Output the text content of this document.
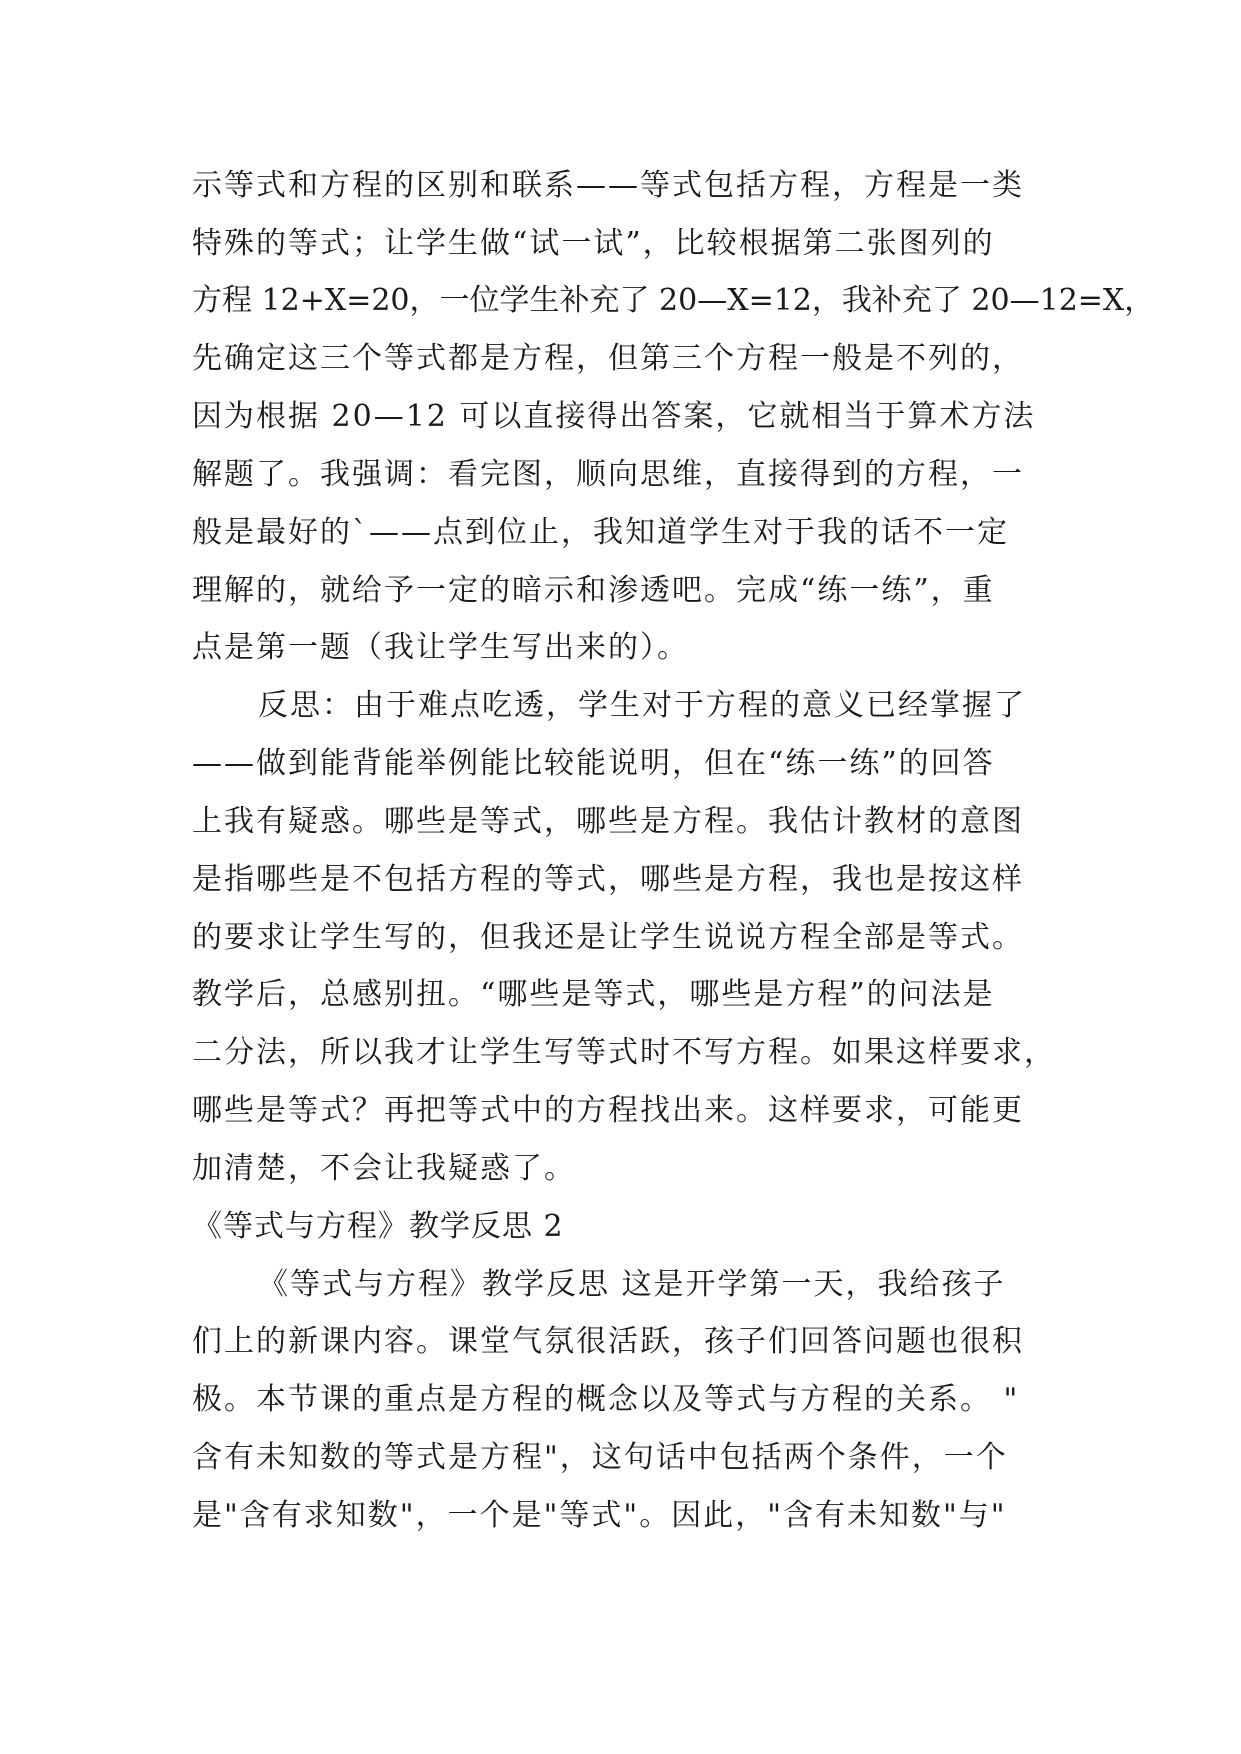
示等式和方程的区别和联系——等式包括方程，方程是一类
特殊的等式；让学生做“试一试”，比较根据第二张图列的
方程 12+X=20，一位学生补充了 20—X=12，我补充了 20—12=X，
先确定这三个等式都是方程，但第三个方程一般是不列的，
因为根据 20—12 可以直接得出答案，它就相当于算术方法
解题了。我强调：看完图，顺向思维，直接得到的方程，一
般是最好的`——点到位止，我知道学生对于我的话不一定
理解的，就给予一定的暗示和渗透吧。完成“练一练”，重
点是第一题（我让学生写出来的）。
反思：由于难点吃透，学生对于方程的意义已经掌握了
——做到能背能举例能比较能说明，但在“练一练”的回答
上我有疑惑。哪些是等式，哪些是方程。我估计教材的意图
是指哪些是不包括方程的等式，哪些是方程，我也是按这样
的要求让学生写的，但我还是让学生说说方程全部是等式。
教学后，总感别扭。“哪些是等式，哪些是方程”的问法是
二分法，所以我才让学生写等式时不写方程。如果这样要求，
哪些是等式？再把等式中的方程找出来。这样要求，可能更
加清楚，不会让我疑惑了。
《等式与方程》教学反思 2
《等式与方程》教学反思 这是开学第一天，我给孩子
们上的新课内容。课堂气氛很活跃，孩子们回答问题也很积
极。本节课的重点是方程的概念以及等式与方程的关系。 "
含有未知数的等式是方程"，这句话中包括两个条件，一个
是"含有求知数"，一个是"等式"。因此，"含有未知数"与"
